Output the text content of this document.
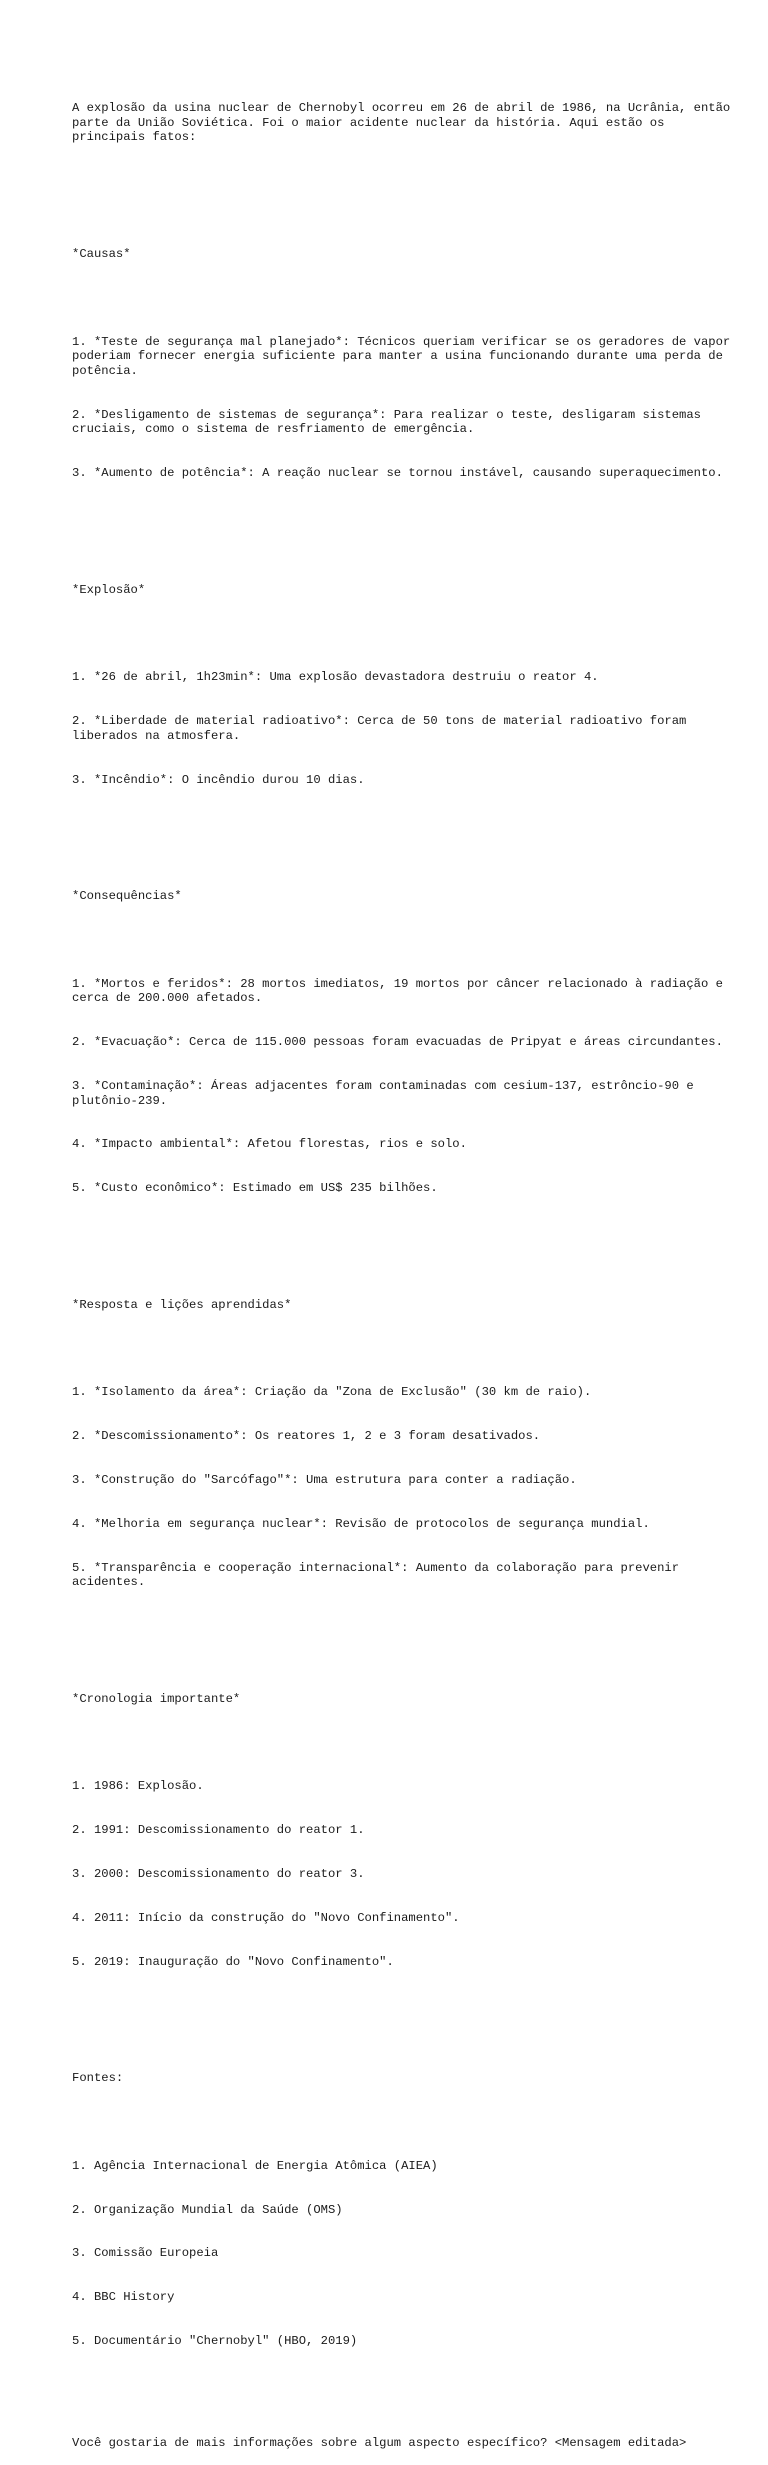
A explosão da usina nuclear de Chernobyl ocorreu em 26 de abril de 1986, na Ucrânia, então parte da União Soviética. Foi o maior acidente nuclear da história. Aqui estão os principais fatos:

*Causas*

1. *Teste de segurança mal planejado*: Técnicos queriam verificar se os geradores de vapor poderiam fornecer energia suficiente para manter a usina funcionando durante uma perda de potência.

2. *Desligamento de sistemas de segurança*: Para realizar o teste, desligaram sistemas cruciais, como o sistema de resfriamento de emergência.

3. *Aumento de potência*: A reação nuclear se tornou instável, causando superaquecimento.

*Explosão*

1. *26 de abril, 1h23min*: Uma explosão devastadora destruiu o reator 4.

2. *Liberdade de material radioativo*: Cerca de 50 tons de material radioativo foram liberados na atmosfera.

3. *Incêndio*: O incêndio durou 10 dias.

*Consequências*

1. *Mortos e feridos*: 28 mortos imediatos, 19 mortos por câncer relacionado à radiação e cerca de 200.000 afetados.

2. *Evacuação*: Cerca de 115.000 pessoas foram evacuadas de Pripyat e áreas circundantes.

3. *Contaminação*: Áreas adjacentes foram contaminadas com cesium-137, estrôncio-90 e plutônio-239.

4. *Impacto ambiental*: Afetou florestas, rios e solo.

5. *Custo econômico*: Estimado em US$ 235 bilhões.

*Resposta e lições aprendidas*

1. *Isolamento da área*: Criação da "Zona de Exclusão" (30 km de raio).

2. *Descomissionamento*: Os reatores 1, 2 e 3 foram desativados.

3. *Construção do "Sarcófago"*: Uma estrutura para conter a radiação.

4. *Melhoria em segurança nuclear*: Revisão de protocolos de segurança mundial.

5. *Transparência e cooperação internacional*: Aumento da colaboração para prevenir acidentes.

*Cronologia importante*

1. 1986: Explosão.

2. 1991: Descomissionamento do reator 1.

3. 2000: Descomissionamento do reator 3.

4. 2011: Início da construção do "Novo Confinamento".

5. 2019: Inauguração do "Novo Confinamento".

Fontes:

1. Agência Internacional de Energia Atômica (AIEA)

2. Organização Mundial da Saúde (OMS)

3. Comissão Europeia

4. BBC History

5. Documentário "Chernobyl" (HBO, 2019)

Você gostaria de mais informações sobre algum aspecto específico? <Mensagem editada>
